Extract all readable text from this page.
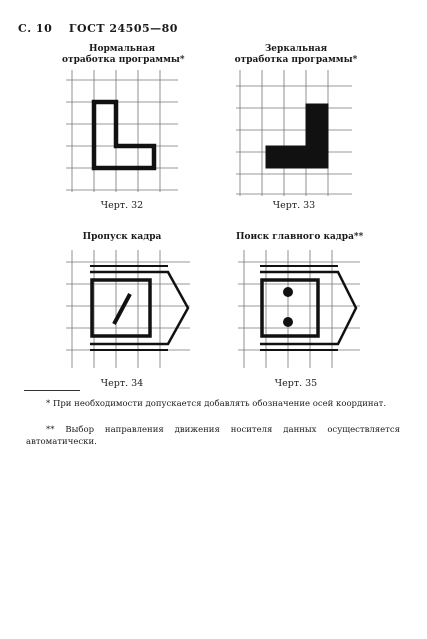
С. 10 ГОСТ 24505—80
Нормальная
отработка программы*
Черт. 32
Зеркальная
отработка программы*
Черт. 33
Пропуск кадра
Черт. 34
Поиск главного кадра**
Черт. 35
* При необходимости допускается добавлять обозначение осей координат.
** Выбор направления движения носителя данных осуществляется автоматически.
